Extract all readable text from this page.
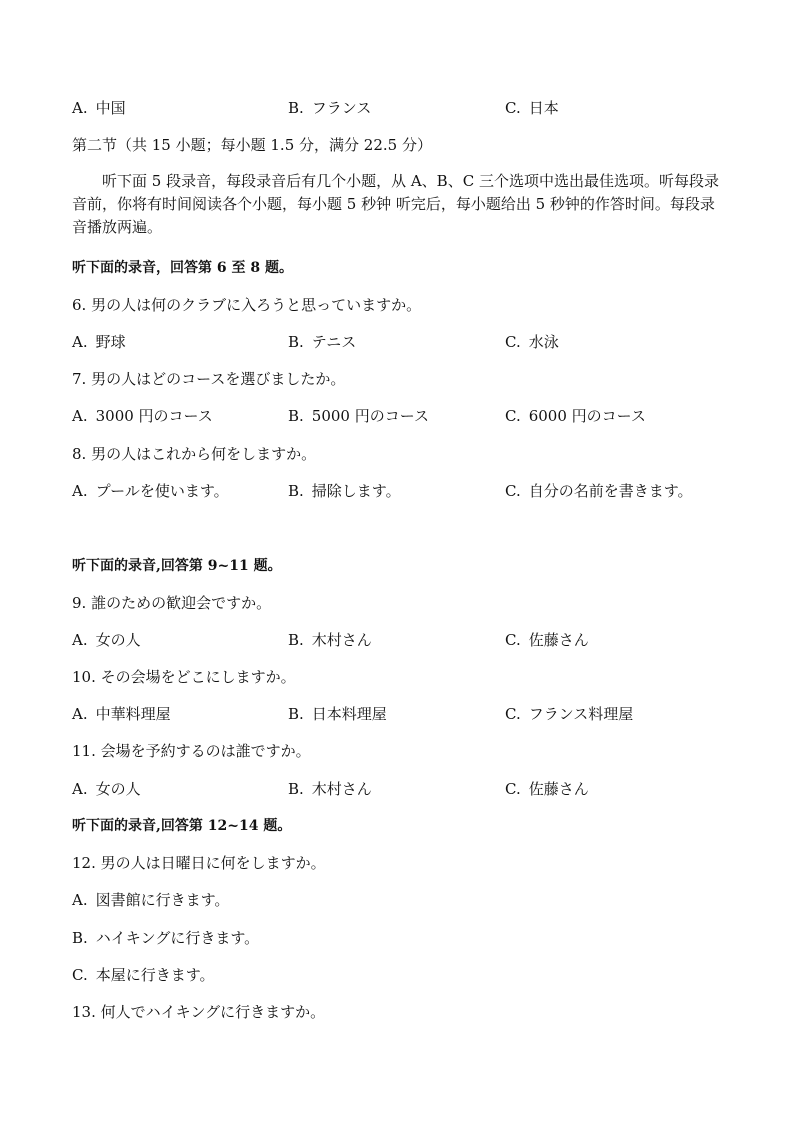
A. 中国	B. フランス	C. 日本
第二节（共 15 小题；每小题 1.5 分，满分 22.5 分）
听下面 5 段录音，每段录音后有几个小题，从 A、B、C 三个选项中选出最佳选项。听每段录音前，你将有时间阅读各个小题，每小题 5 秒钟 听完后，每小题给出 5 秒钟的作答时间。每段录音播放两遍。
听下面的录音，回答第 6 至 8 题。
6. 男の人は何のクラブに入ろうと思っていますか。
A. 野球	B. テニス	C. 水泳
7. 男の人はどのコースを選びましたか。
A. 3000 円のコース	B. 5000 円のコース	C. 6000 円のコース
8. 男の人はこれから何をしますか。
A. プールを使います。	B. 掃除します。	C. 自分の名前を書きます。
听下面的录音,回答第 9~11 题。
9. 誰のための歓迎会ですか。
A. 女の人	B. 木村さん	C. 佐藤さん
10. その会場をどこにしますか。
A. 中華料理屋	B. 日本料理屋	C. フランス料理屋
11. 会場を予約するのは誰ですか。
A. 女の人	B. 木村さん	C. 佐藤さん
听下面的录音,回答第 12~14 题。
12. 男の人は日曜日に何をしますか。
A. 図書館に行きます。
B. ハイキングに行きます。
C. 本屋に行きます。
13. 何人でハイキングに行きますか。
